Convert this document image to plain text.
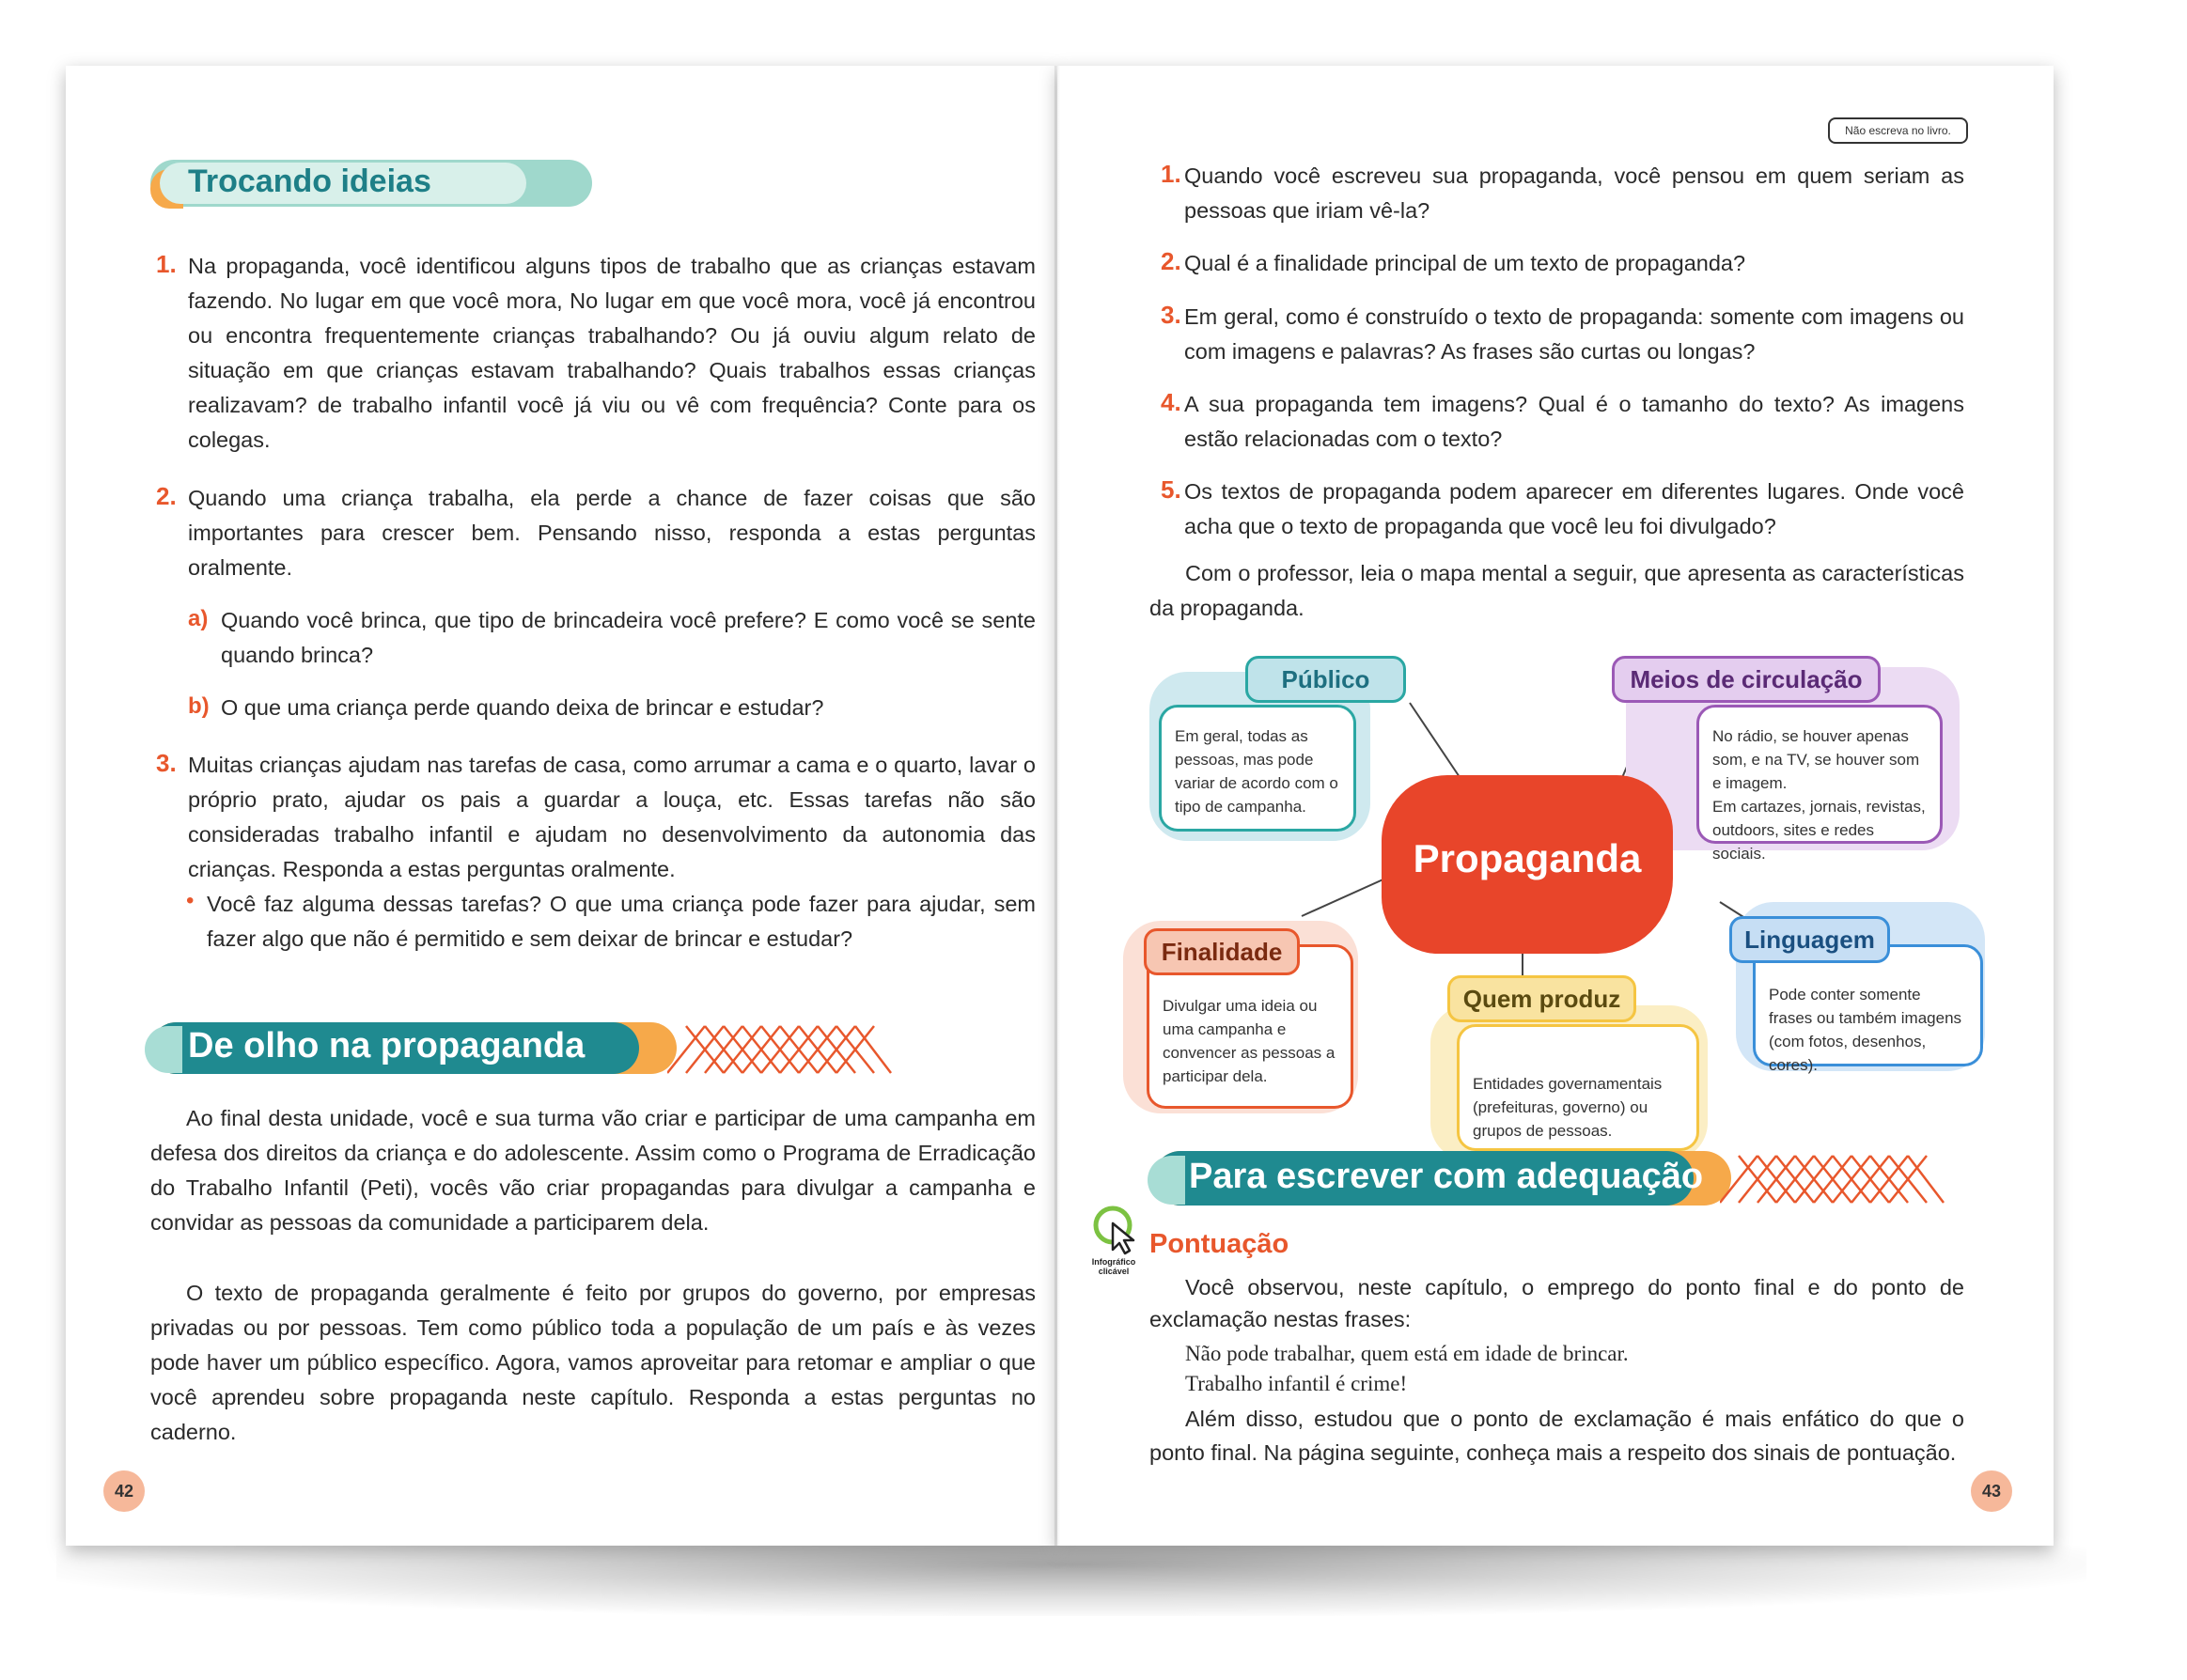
Trocando ideias
1. Na propaganda, você identificou alguns tipos de trabalho que as crianças estavam fazendo. No lugar em que você mora, No lugar em que você mora, você já encontrou ou encontra frequentemente crianças trabalhando? Ou já ouviu algum relato de situação em que crianças estavam trabalhando? Quais trabalhos essas crianças realizavam? de trabalho infantil você já viu ou vê com frequência? Conte para os colegas.
2. Quando uma criança trabalha, ela perde a chance de fazer coisas que são importantes para crescer bem. Pensando nisso, responda a estas perguntas oralmente.
a) Quando você brinca, que tipo de brincadeira você prefere? E como você se sente quando brinca?
b) O que uma criança perde quando deixa de brincar e estudar?
3. Muitas crianças ajudam nas tarefas de casa, como arrumar a cama e o quarto, lavar o próprio prato, ajudar os pais a guardar a louça, etc. Essas tarefas não são consideradas trabalho infantil e ajudam no desenvolvimento da autonomia das crianças. Responda a estas perguntas oralmente.
• Você faz alguma dessas tarefas? O que uma criança pode fazer para ajudar, sem fazer algo que não é permitido e sem deixar de brincar e estudar?
De olho na propaganda
Ao final desta unidade, você e sua turma vão criar e participar de uma campanha em defesa dos direitos da criança e do adolescente. Assim como o Programa de Erradicação do Trabalho Infantil (Peti), vocês vão criar propagandas para divulgar a campanha e convidar as pessoas da comunidade a participarem dela.
O texto de propaganda geralmente é feito por grupos do governo, por empresas privadas ou por pessoas. Tem como público toda a população de um país e às vezes pode haver um público específico. Agora, vamos aproveitar para retomar e ampliar o que você aprendeu sobre propaganda neste capítulo. Responda a estas perguntas no caderno.
42
Não escreva no livro.
1. Quando você escreveu sua propaganda, você pensou em quem seriam as pessoas que iriam vê-la?
2. Qual é a finalidade principal de um texto de propaganda?
3. Em geral, como é construído o texto de propaganda: somente com imagens ou com imagens e palavras? As frases são curtas ou longas?
4. A sua propaganda tem imagens? Qual é o tamanho do texto? As imagens estão relacionadas com o texto?
5. Os textos de propaganda podem aparecer em diferentes lugares. Onde você acha que o texto de propaganda que você leu foi divulgado?
Com o professor, leia o mapa mental a seguir, que apresenta as características da propaganda.
Em geral, todas as pessoas, mas pode variar de acordo com o tipo de campanha.
Público
No rádio, se houver apenas som, e na TV, se houver som e imagem.
Em cartazes, jornais, revistas, outdoors, sites e redes sociais.
Meios de circulação
Propaganda
Divulgar uma ideia ou uma campanha e convencer as pessoas a participar dela.
Finalidade
Entidades governamentais (prefeituras, governo) ou grupos de pessoas.
Quem produz	Pode conter somente frases ou também imagens (com fotos, desenhos, cores).
Linguagem
Para escrever com adequação
Infográfico clicável
Pontuação
Você observou, neste capítulo, o emprego do ponto final e do ponto de exclamação nestas frases:
Não pode trabalhar, quem está em idade de brincar.
Trabalho infantil é crime!
Além disso, estudou que o ponto de exclamação é mais enfático do que o ponto final. Na página seguinte, conheça mais a respeito dos sinais de pontuação.
43
